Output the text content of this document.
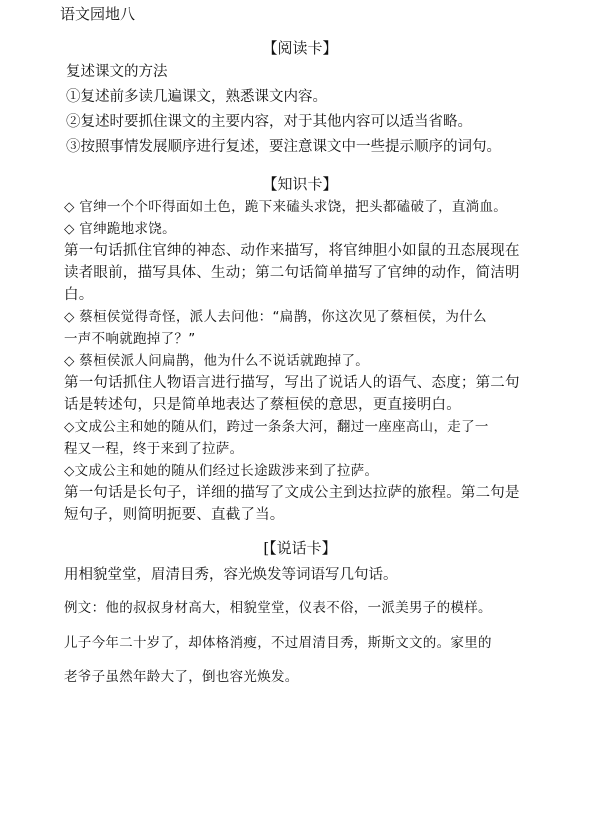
语文园地八
【阅读卡】
复述课文的方法
①复述前多读几遍课文，熟悉课文内容。
②复述时要抓住课文的主要内容，对于其他内容可以适当省略。
③按照事情发展顺序进行复述，要注意课文中一些提示顺序的词句。
【知识卡】
◇ 官绅一个个吓得面如土色，跪下来磕头求饶，把头都磕破了，直淌血。
◇ 官绅跪地求饶。
第一句话抓住官绅的神态、动作来描写，将官绅胆小如鼠的丑态展现在
读者眼前，描写具体、生动；第二句话简单描写了官绅的动作，简洁明
白。
◇ 蔡桓侯觉得奇怪，派人去问他：“扁鹊，你这次见了蔡桓侯，为什么
一声不响就跑掉了？”
◇ 蔡桓侯派人问扁鹊，他为什么不说话就跑掉了。
第一句话抓住人物语言进行描写，写出了说话人的语气、态度；第二句
话是转述句，只是简单地表达了蔡桓侯的意思，更直接明白。
◇文成公主和她的随从们，跨过一条条大河，翻过一座座高山，走了一
程又一程，终于来到了拉萨。
◇文成公主和她的随从们经过长途跋涉来到了拉萨。
第一句话是长句子，详细的描写了文成公主到达拉萨的旅程。第二句是
短句子，则简明扼要、直截了当。
[【说话卡】
用相貌堂堂，眉清目秀，容光焕发等词语写几句话。
例文：他的叔叔身材高大，相貌堂堂，仪表不俗，一派美男子的模样。
儿子今年二十岁了，却体格消瘦，不过眉清目秀，斯斯文文的。家里的
老爷子虽然年龄大了，倒也容光焕发。
